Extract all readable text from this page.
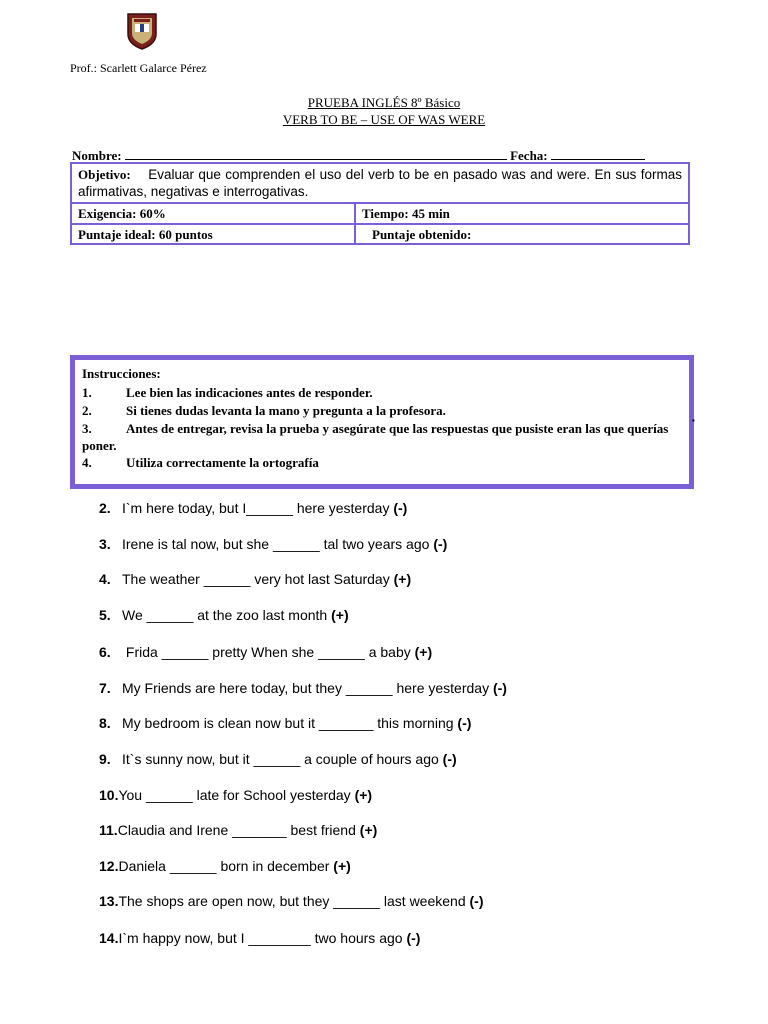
Prof.: Scarlett Galarce Pérez
PRUEBA INGLÉS 8º Básico
VERB TO BE – USE OF WAS WERE
Nombre:	Fecha:
Objetivo: Evaluar que comprenden el uso del verb to be en pasado was and were. En sus formas afirmativas, negativas e interrogativas.
Exigencia: 60%	Tiempo: 45 min
Puntaje ideal: 60 puntos	Puntaje obtenido:
Instrucciones:
1.	Lee bien las indicaciones antes de responder.
2.	Si tienes dudas levanta la mano y pregunta a la profesora.
3.	Antes de entregar, revisa la prueba y asegúrate que las respuestas que pusiste eran las que querías poner.
4.	Utiliza correctamente la ortografía
▪
2. I`m here today, but I______ here yesterday (-)
3. Irene is tal now, but she ______ tal two years ago (-)
4. The weather ______ very hot last Saturday (+)
5. We ______ at the zoo last month (+)
6. Frida ______ pretty When she ______ a baby (+)
7. My Friends are here today, but they ______ here yesterday (-)
8. My bedroom is clean now but it _______ this morning (-)
9. It`s sunny now, but it ______ a couple of hours ago (-)
10.You ______ late for School yesterday (+)
11.Claudia and Irene _______ best friend (+)
12.Daniela ______ born in december (+)
13.The shops are open now, but they ______ last weekend (-)
14.I`m happy now, but I ________ two hours ago (-)
